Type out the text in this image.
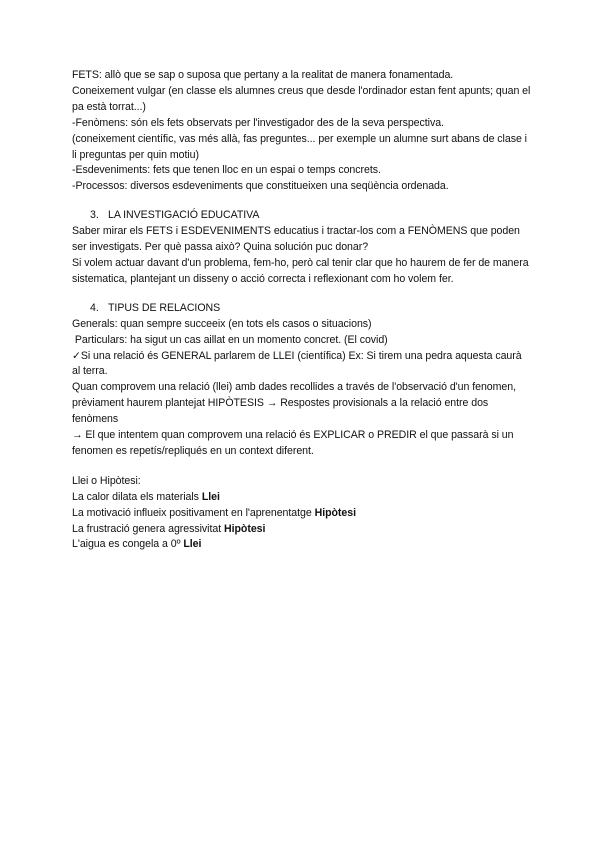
FETS: allò que se sap o suposa que pertany a la realitat de manera fonamentada.

Coneixement vulgar (en classe els alumnes creus que desde l'ordinador estan fent apunts; quan el pa està torrat...)

-Fenòmens: són els fets observats per l'investigador des de la seva perspectiva.

(coneixement científic, vas més allà, fas preguntes... per exemple un alumne surt abans de clase i li preguntas per quin motiu)

-Esdeveniments: fets que tenen lloc en un espai o temps concrets.

-Processos: diversos esdeveniments que constitueixen una seqüència ordenada.

3. LA INVESTIGACIÓ EDUCATIVA

Saber mirar els FETS i ESDEVENIMENTS educatius i tractar-los com a FENÒMENS que poden ser investigats. Per què passa això? Quina solución puc donar?

Si volem actuar davant d'un problema, fem-ho, però cal tenir clar que ho haurem de fer de manera sistematica, plantejant un disseny o acció correcta i reflexionant com ho volem fer.

4. TIPUS DE RELACIONS

Generals: quan sempre succeeix (en tots els casos o situacions)

Particulars: ha sigut un cas aillat en un momento concret. (El covid)

✓Si una relació és GENERAL parlarem de LLEI (científica) Ex: Si tirem una pedra aquesta caurà al terra.

Quan comprovem una relació (llei) amb dades recollides a través de l'observació d'un fenomen, prèviament haurem plantejat HIPÒTESIS → Respostes provisionals a la relació entre dos fenòmens

→ El que intentem quan comprovem una relació és EXPLICAR o PREDIR el que passarà si un fenomen es repetís/repliqués en un context diferent.

Llei o Hipòtesi:

La calor dilata els materials Llei

La motivació influeix positivament en l'aprenentatge Hipòtesi

La frustració genera agressivitat Hipòtesi

L'aigua es congela a 0º Llei
